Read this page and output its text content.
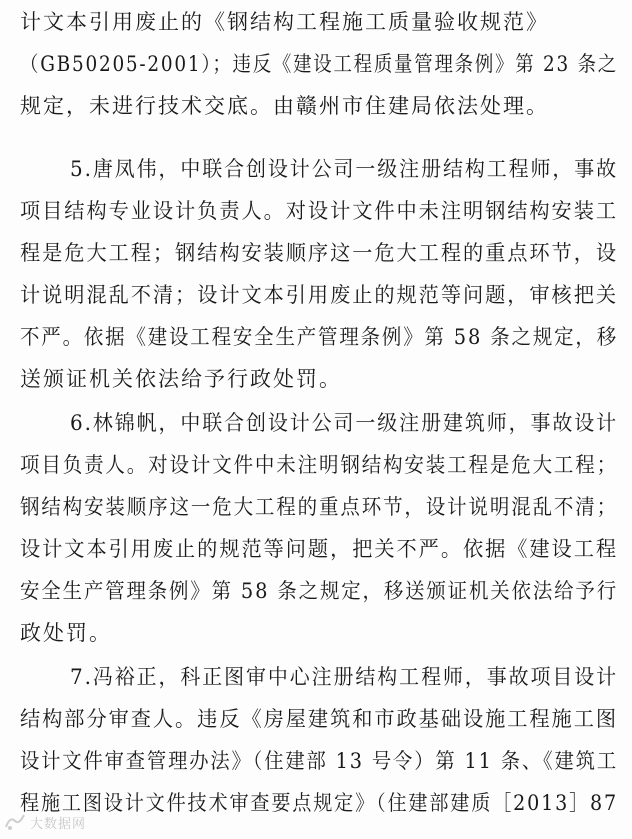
计文本引用废止的《钢结构工程施工质量验收规范》
（GB50205-2001）；违反《建设工程质量管理条例》第 23 条之
规定，未进行技术交底。由赣州市住建局依法处理。
5.唐凤伟，中联合创设计公司一级注册结构工程师，事故
项目结构专业设计负责人。对设计文件中未注明钢结构安装工
程是危大工程；钢结构安装顺序这一危大工程的重点环节，设
计说明混乱不清；设计文本引用废止的规范等问题，审核把关
不严。依据《建设工程安全生产管理条例》第 58 条之规定，移
送颁证机关依法给予行政处罚。
6.林锦帆，中联合创设计公司一级注册建筑师，事故设计
项目负责人。对设计文件中未注明钢结构安装工程是危大工程；
钢结构安装顺序这一危大工程的重点环节，设计说明混乱不清；
设计文本引用废止的规范等问题，把关不严。依据《建设工程
安全生产管理条例》第 58 条之规定，移送颁证机关依法给予行
政处罚。
7.冯裕正，科正图审中心注册结构工程师，事故项目设计
结构部分审查人。违反《房屋建筑和市政基础设施工程施工图
设计文件审查管理办法》（住建部 13 号令）第 11 条、《建筑工
程施工图设计文件技术审查要点规定》（住建部建质［2013］87
大数据网
